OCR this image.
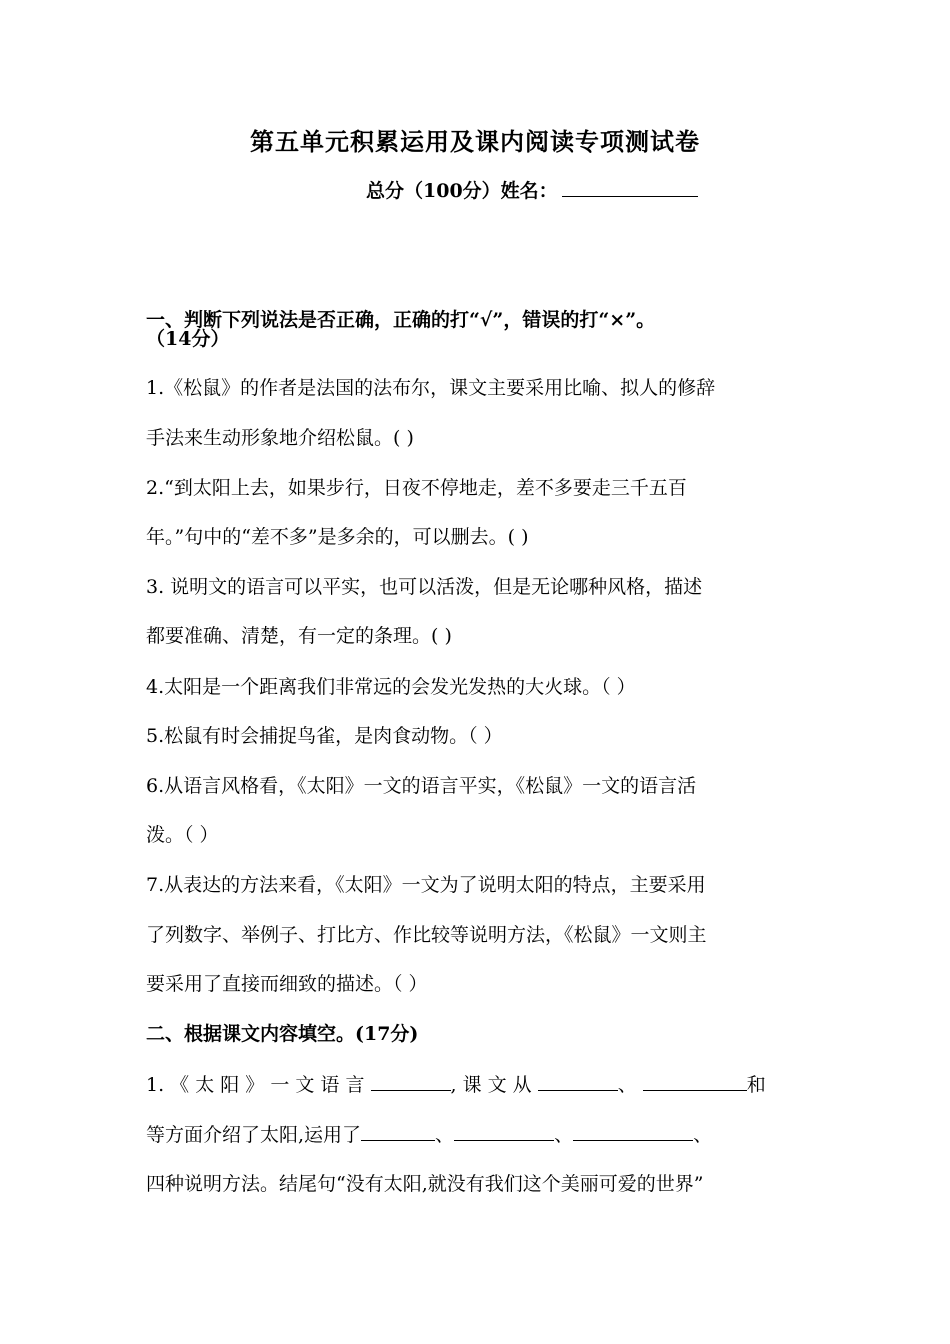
第五单元积累运用及课内阅读专项测试卷
总分（100分）姓名：
一、判断下列说法是否正确，正确的打“√”，错误的打“×”。
（14分）
1.《松鼠》的作者是法国的法布尔，课文主要采用比喻、拟人的修辞
手法来生动形象地介绍松鼠。( )
2.“到太阳上去，如果步行，日夜不停地走，差不多要走三千五百
年。”句中的“差不多”是多余的，可以删去。( )
3. 说明文的语言可以平实，也可以活泼，但是无论哪种风格，描述
都要准确、清楚，有一定的条理。( )
4.太阳是一个距离我们非常远的会发光发热的大火球。（ ）
5.松鼠有时会捕捉鸟雀，是肉食动物。（ ）
6.从语言风格看，《太阳》一文的语言平实，《松鼠》一文的语言活
泼。（ ）
7.从表达的方法来看，《太阳》一文为了说明太阳的特点，主要采用
了列数字、举例子、打比方、作比较等说明方法，《松鼠》一文则主
要采用了直接而细致的描述。（ ）
二、根据课文内容填空。(17分)
1. 《 太 阳 》 一 文 语 言	, 课 文 从	、	和
等方面介绍了太阳,运用了	、	、	、
四种说明方法。结尾句“没有太阳,就没有我们这个美丽可爱的世界”
